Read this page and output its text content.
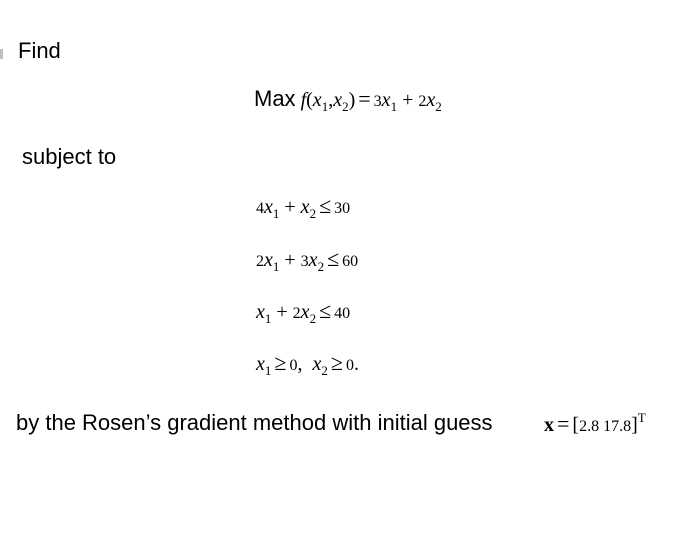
Find
Max $f(x_1,x_2) = 3x_1 + 2x_2$
subject to
$4x_1 + x_2 \le 30$
$2x_1 + 3x_2 \le 60$
$x_1 + 2x_2 \le 40$
$x_1 \ge 0$,  $x_2 \ge 0$.
by the Rosen’s gradient method with initial guess	x = [2.8 17.8]$^T$
